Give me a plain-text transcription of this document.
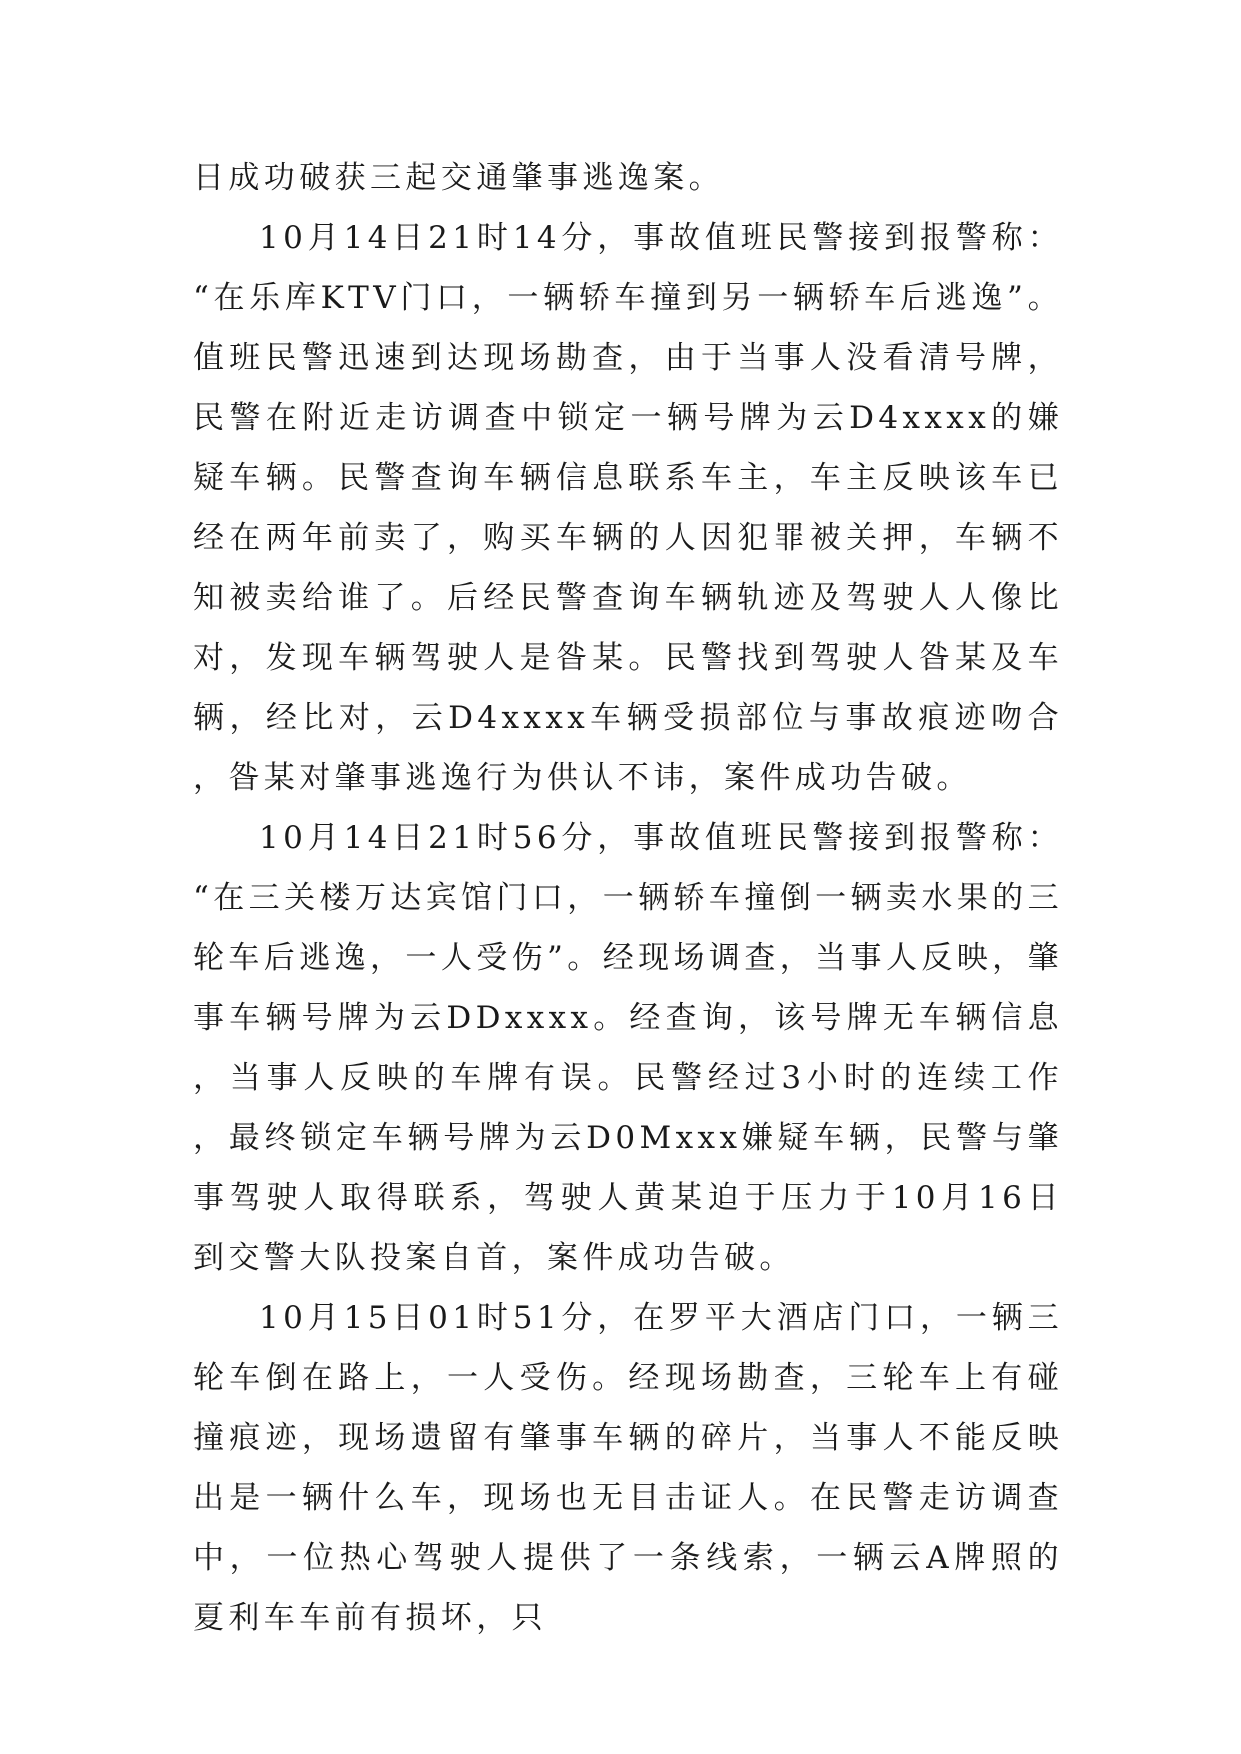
日成功破获三起交通肇事逃逸案。

10月14日21时14分，事故值班民警接到报警称：“在乐库KTV门口，一辆轿车撞到另一辆轿车后逃逸”。值班民警迅速到达现场勘查，由于当事人没看清号牌，民警在附近走访调查中锁定一辆号牌为云D4xxxx的嫌疑车辆。民警查询车辆信息联系车主，车主反映该车已经在两年前卖了，购买车辆的人因犯罪被关押，车辆不知被卖给谁了。后经民警查询车辆轨迹及驾驶人人像比对，发现车辆驾驶人是昝某。民警找到驾驶人昝某及车辆，经比对，云D4xxxx车辆受损部位与事故痕迹吻合，昝某对肇事逃逸行为供认不讳，案件成功告破。

10月14日21时56分，事故值班民警接到报警称：“在三关楼万达宾馆门口，一辆轿车撞倒一辆卖水果的三轮车后逃逸，一人受伤”。经现场调查，当事人反映，肇事车辆号牌为云DDxxxx。经查询，该号牌无车辆信息，当事人反映的车牌有误。民警经过3小时的连续工作，最终锁定车辆号牌为云D0Mxxx嫌疑车辆，民警与肇事驾驶人取得联系，驾驶人黄某迫于压力于10月16日到交警大队投案自首，案件成功告破。

10月15日01时51分，在罗平大酒店门口，一辆三轮车倒在路上，一人受伤。经现场勘查，三轮车上有碰撞痕迹，现场遗留有肇事车辆的碎片，当事人不能反映出是一辆什么车，现场也无目击证人。在民警走访调查中，一位热心驾驶人提供了一条线索，一辆云A牌照的夏利车车前有损坏，只
